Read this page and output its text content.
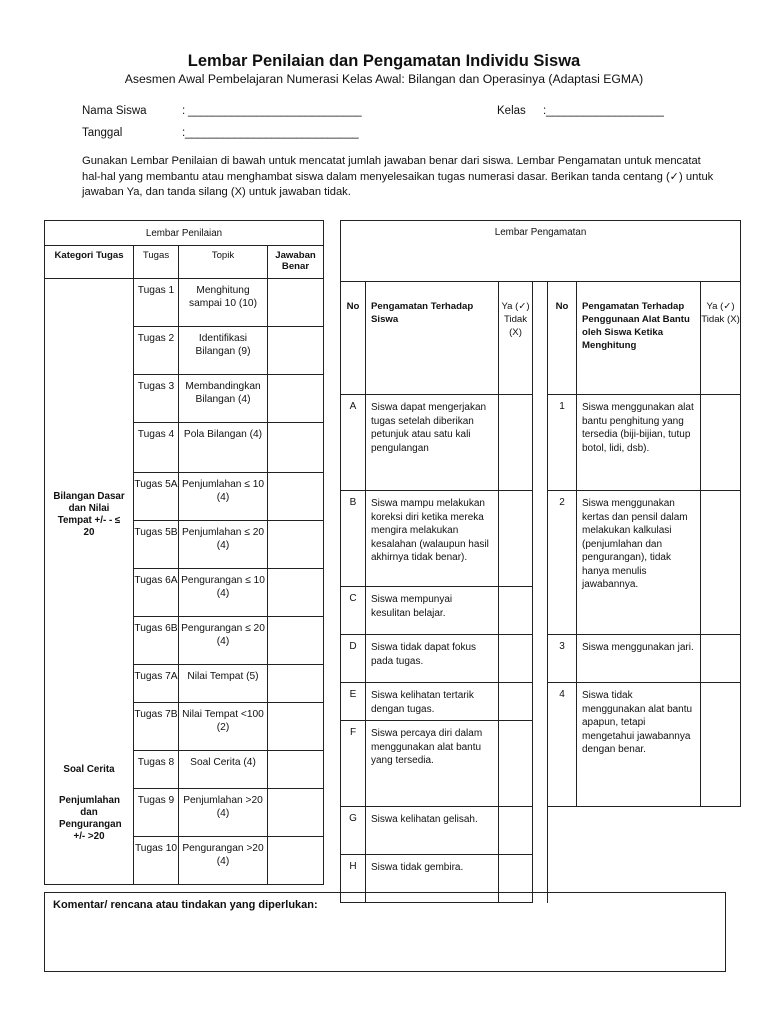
Lembar Penilaian dan Pengamatan Individu Siswa
Asesmen Awal Pembelajaran Numerasi Kelas Awal: Bilangan dan Operasinya (Adaptasi EGMA)
Nama Siswa	: ____________________________	Kelas :___________________
Tanggal	:____________________________
Gunakan Lembar Penilaian di bawah untuk mencatat jumlah jawaban benar dari siswa. Lembar Pengamatan untuk mencatat hal-hal yang membantu atau menghambat siswa dalam menyelesaikan tugas numerasi dasar. Berikan tanda centang (✓) untuk jawaban Ya, dan tanda silang (X) untuk jawaban tidak.
Lembar Penilaian			
Kategori Tugas	Tugas	Topik	Jawaban Benar

Bilangan Dasar dan Nilai Tempat +/- - ≤ 20	Tugas 1	Menghitung sampai 10 (10)	
	Tugas 2	Identifikasi Bilangan (9)	
	Tugas 3	Membandingkan Bilangan (4)	
	Tugas 4	Pola Bilangan (4)	
	Tugas 5A	Penjumlahan ≤ 10 (4)	
	Tugas 5B	Penjumlahan ≤ 20 (4)	
	Tugas 6A	Pengurangan ≤ 10 (4)	
	Tugas 6B	Pengurangan ≤ 20 (4)	
	Tugas 7A	Nilai Tempat (5)	
	Tugas 7B	Nilai Tempat <100 (2)	
Soal Cerita	Tugas 8	Soal Cerita (4)	

Penjumlahan dan Pengurangan +/- >20	Tugas 9	Penjumlahan >20 (4)	
	Tugas 10	Pengurangan >20 (4)	
Lembar Pengamatan						
No	Pengamatan Terhadap Siswa	Ya (✓) Tidak (X)		No	Pengamatan Terhadap Penggunaan Alat Bantu oleh Siswa Ketika Menghitung	Ya (✓) Tidak (X)
A	Siswa dapat mengerjakan tugas setelah diberikan petunjuk atau satu kali pengulangan			1	Siswa menggunakan alat bantu penghitung yang tersedia (biji-bijian, tutup botol, lidi, dsb).	
B	Siswa mampu melakukan koreksi diri ketika mereka mengira melakukan kesalahan (walaupun hasil akhirnya tidak benar).			2	Siswa menggunakan kertas dan pensil dalam melakukan kalkulasi (penjumlahan dan pengurangan), tidak hanya menulis jawabannya.	
C	Siswa mempunyai kesulitan belajar.					
D	Siswa tidak dapat fokus pada tugas.			3	Siswa menggunakan jari.	
E	Siswa kelihatan tertarik dengan tugas.			4	Siswa tidak menggunakan alat bantu apapun, tetapi mengetahui jawabannya dengan benar.	
F	Siswa percaya diri dalam menggunakan alat bantu yang tersedia.					
G	Siswa kelihatan gelisah.					
H	Siswa tidak gembira.					
Komentar/ rencana atau tindakan yang diperlukan:
